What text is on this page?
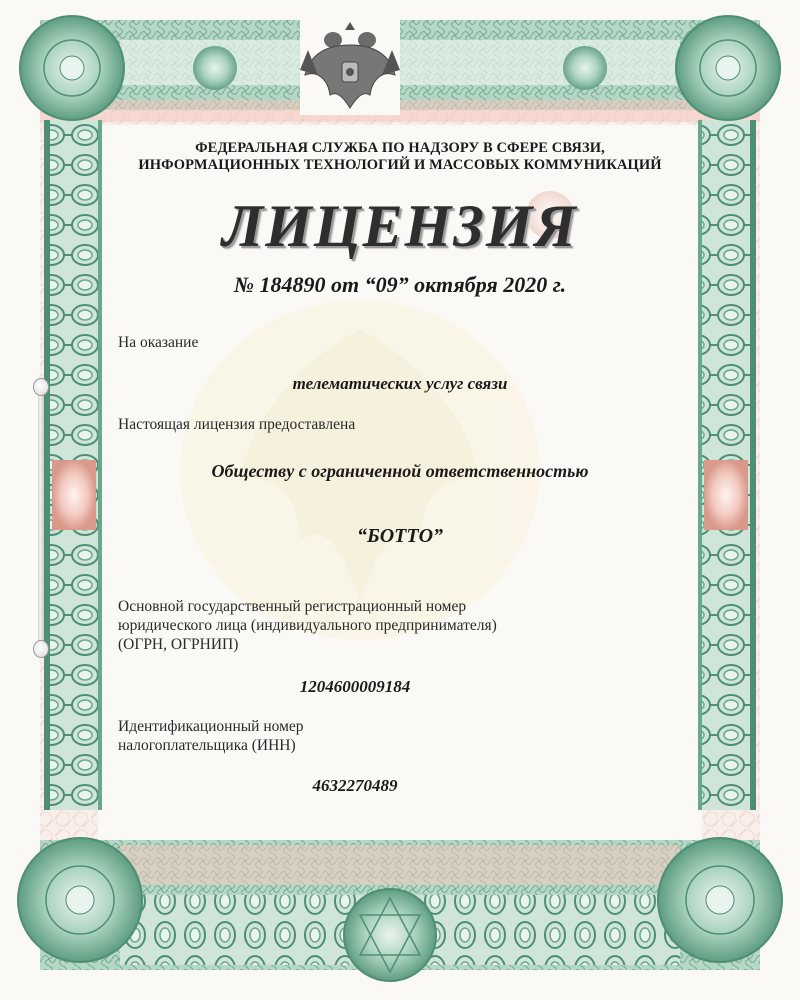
ФЕДЕРАЛЬНАЯ СЛУЖБА ПО НАДЗОРУ В СФЕРЕ СВЯЗИ,
ИНФОРМАЦИОННЫХ ТЕХНОЛОГИЙ И МАССОВЫХ КОММУНИКАЦИЙ
ЛИЦЕНЗИЯ
№ 184890 от “09” октября 2020 г.
На оказание
телематических услуг связи
Настоящая лицензия предоставлена
Обществу с ограниченной ответственностью
“БОТТО”
Основной государственный регистрационный номер
юридического лица (индивидуального предпринимателя)
(ОГРН, ОГРНИП)
1204600009184
Идентификационный номер
налогоплательщика (ИНН)
4632270489
